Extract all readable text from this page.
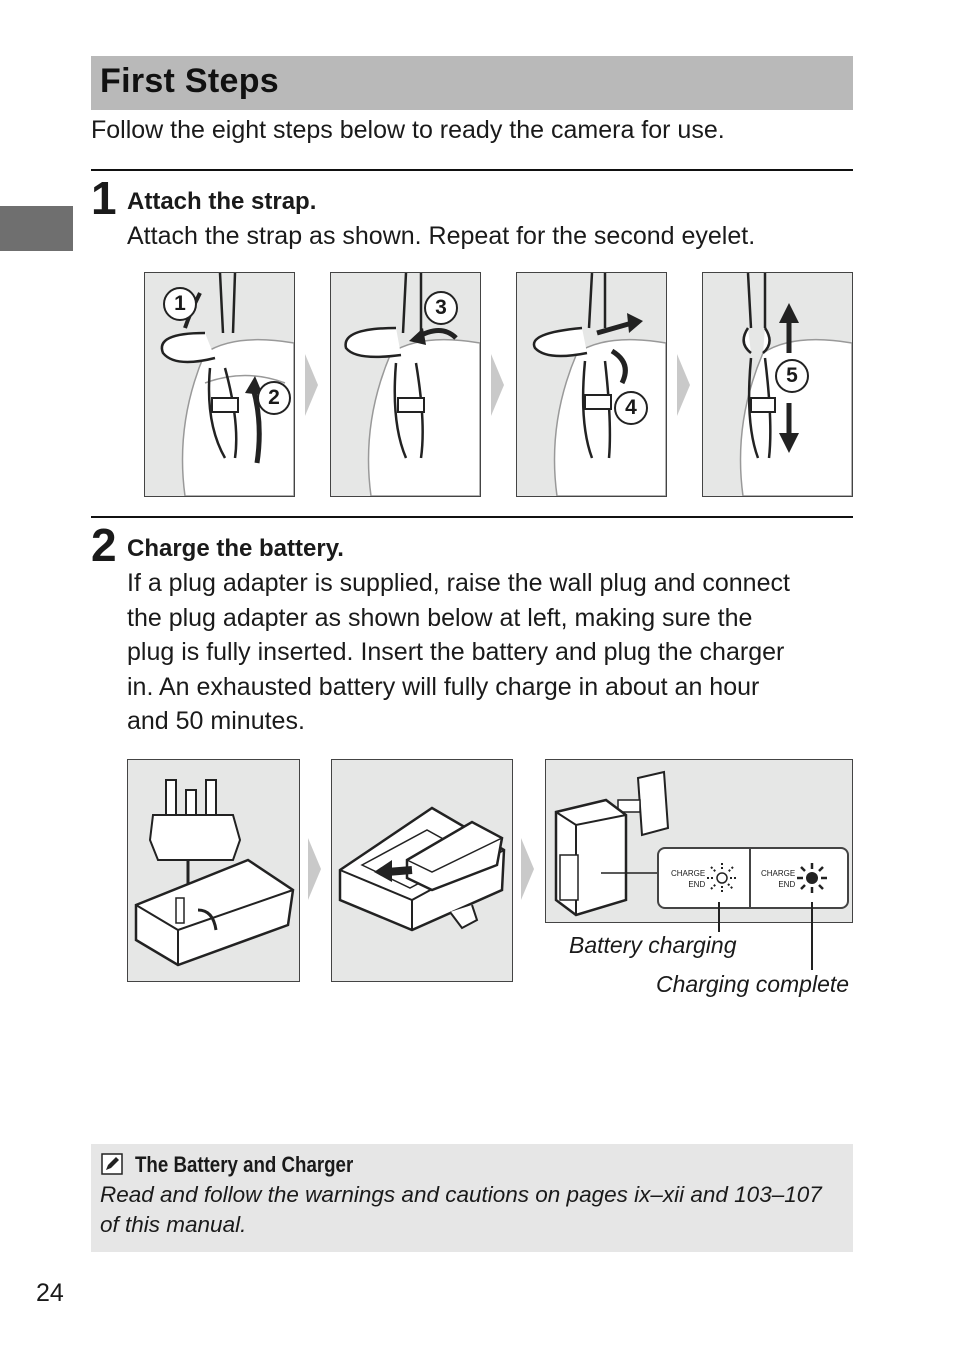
First Steps
Follow the eight steps below to ready the camera for use.
1 Attach the strap.
Attach the strap as shown. Repeat for the second eyelet.
1
2
3
4
5
2 Charge the battery.
If a plug adapter is supplied, raise the wall plug and connect
the plug adapter as shown below at left, making sure the
plug is fully inserted. Insert the battery and plug the charger
in. An exhausted battery will fully charge in about an hour
and 50 minutes.
CHARGE
END
CHARGE
END
Battery charging
Charging complete
The Battery and Charger
Read and follow the warnings and cautions on pages ix–xii and 103–107
of this manual.
24
